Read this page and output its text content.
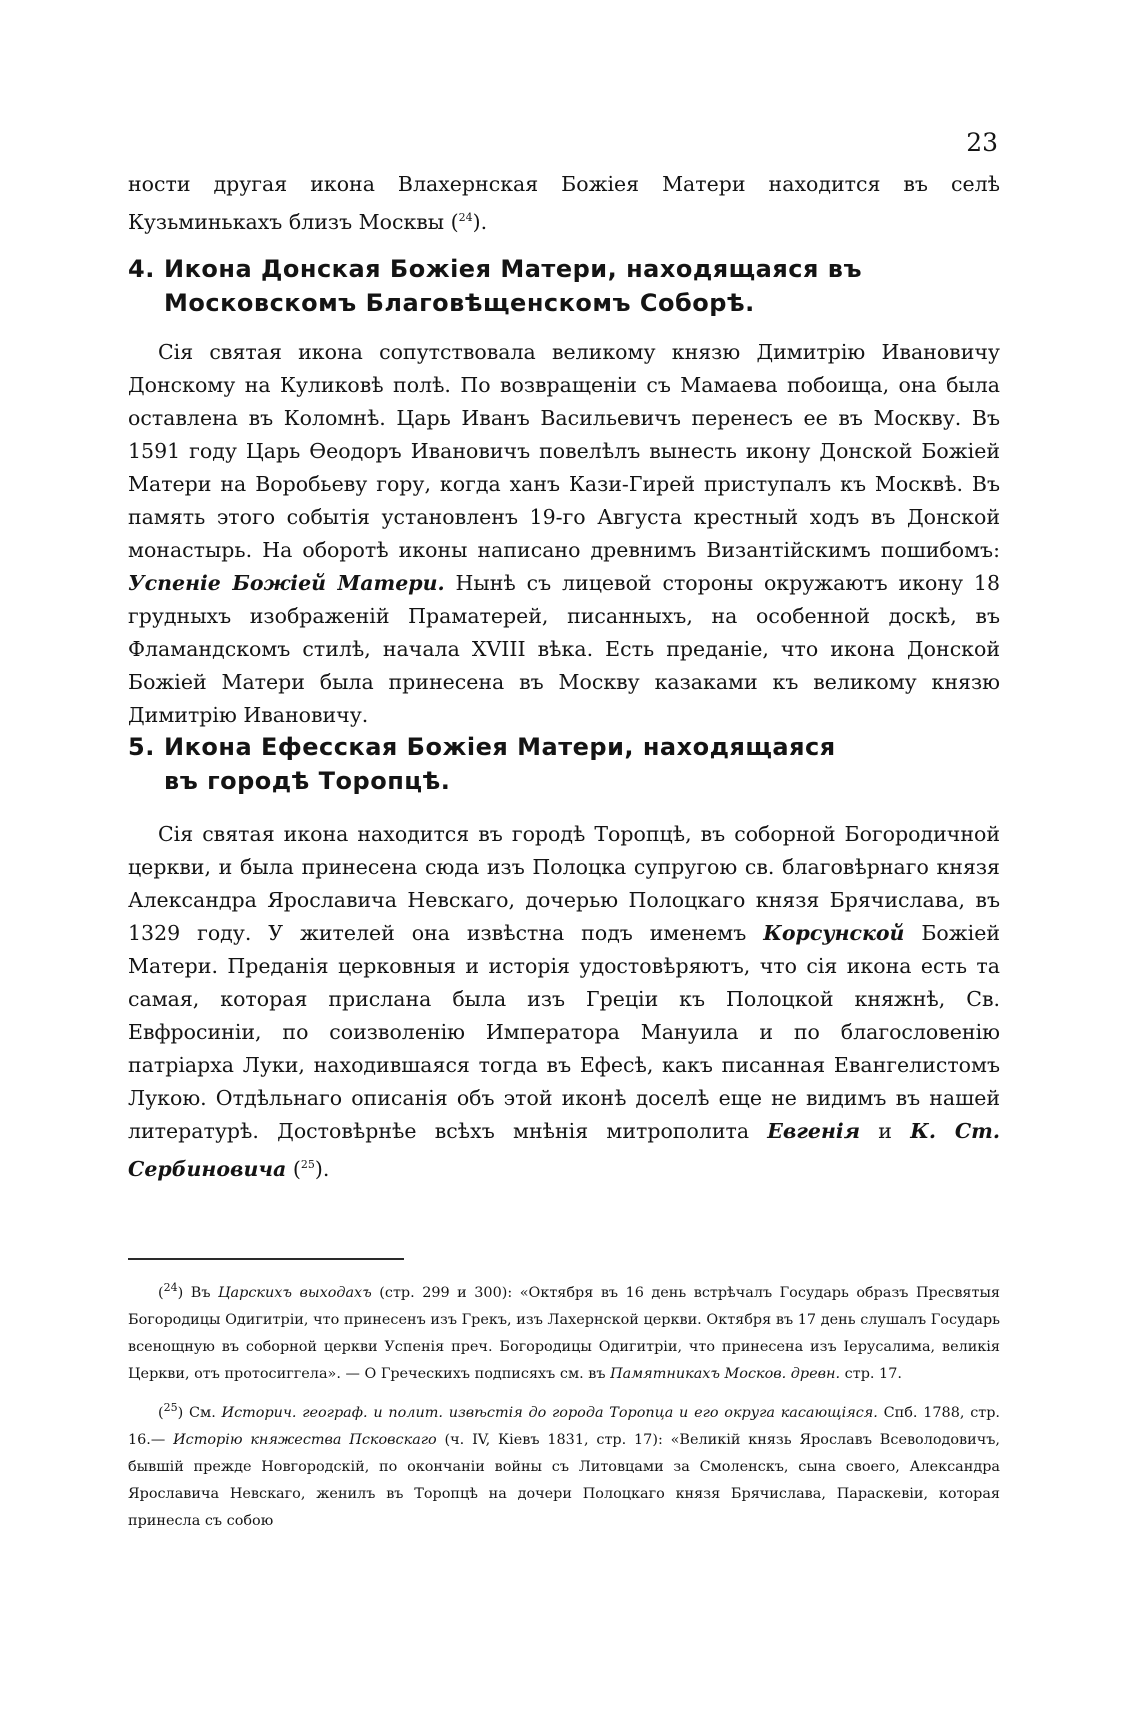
23

ности другая икона Влахернская Божіея Матери находится въ селѣ Кузьминькахъ близъ Москвы ($^{24}$).

4. Икона Донская Божіея Матери, находящаяся въ
Московскомъ Благовѣщенскомъ Соборѣ.

Сія святая икона сопутствовала великому князю Димитрію Ивановичу Донскому на Куликовѣ полѣ. По возвращеніи съ Мамаева побоища, она была оставлена въ Коломнѣ. Царь Иванъ Васильевичъ перенесъ ее въ Москву. Въ 1591 году Царь Ѳеодоръ Ивановичъ повелѣлъ вынесть икону Донской Божіей Матери на Воробьеву гору, когда ханъ Кази-Гирей приступалъ къ Москвѣ. Въ память этого событія установленъ 19-го Августа крестный ходъ въ Донской монастырь. На оборотѣ иконы написано древнимъ Византійскимъ пошибомъ: Успеніе Божіей Матери. Нынѣ съ лицевой стороны окружаютъ икону 18 грудныхъ изображеній Праматерей, писанныхъ, на особенной доскѣ, въ Фламандскомъ стилѣ, начала XVIII вѣка. Есть преданіе, что икона Донской Божіей Матери была принесена въ Москву казаками къ великому князю Димитрію Ивановичу.

5. Икона Ефесская Божіея Матери, находящаяся
въ городѣ Торопцѣ.

Сія святая икона находится въ городѣ Торопцѣ, въ соборной Богородичной церкви, и была принесена сюда изъ Полоцка супругою св. благовѣрнаго князя Александра Ярославича Невскаго, дочерью Полоцкаго князя Брячислава, въ 1329 году. У жителей она извѣстна подъ именемъ Корсунской Божіей Матери. Преданія церковныя и исторія удостовѣряютъ, что сія икона есть та самая, которая прислана была изъ Греціи къ Полоцкой княжнѣ, Св. Евфросиніи, по соизволенію Императора Мануила и по благословенію патріарха Луки, находившаяся тогда въ Ефесѣ, какъ писанная Евангелистомъ Лукою. Отдѣльнаго описанія объ этой иконѣ доселѣ еще не видимъ въ нашей литературѣ. Достовѣрнѣе всѣхъ мнѣнія митрополита Евгенія и К. Ст. Сербиновича ($^{25}$).

($^{24}$) Въ Царскихъ выходахъ (стр. 299 и 300): «Октября въ 16 день встрѣчалъ Государь образъ Пресвятыя Богородицы Одигитріи, что принесенъ изъ Грекъ, изъ Лахернской церкви. Октября въ 17 день слушалъ Государь всенощную въ соборной церкви Успенія преч. Богородицы Одигитріи, что принесена изъ Іерусалима, великія Церкви, отъ протосиггела». — О Греческихъ подписяхъ см. въ Памятникахъ Москов. древн. стр. 17.

($^{25}$) См. Историч. географ. и полит. извѣстія до города Торопца и его округа касающіяся. Спб. 1788, стр. 16.— Исторію княжества Псковскаго (ч. IV, Кіевъ 1831, стр. 17): «Великій князь Ярославъ Всеволодовичъ, бывшій прежде Новгородскій, по окончаніи войны съ Литовцами за Смоленскъ, сына своего, Александра Ярославича Невскаго, женилъ въ Торопцѣ на дочери Полоцкаго князя Брячислава, Параскевіи, которая принесла съ собою
